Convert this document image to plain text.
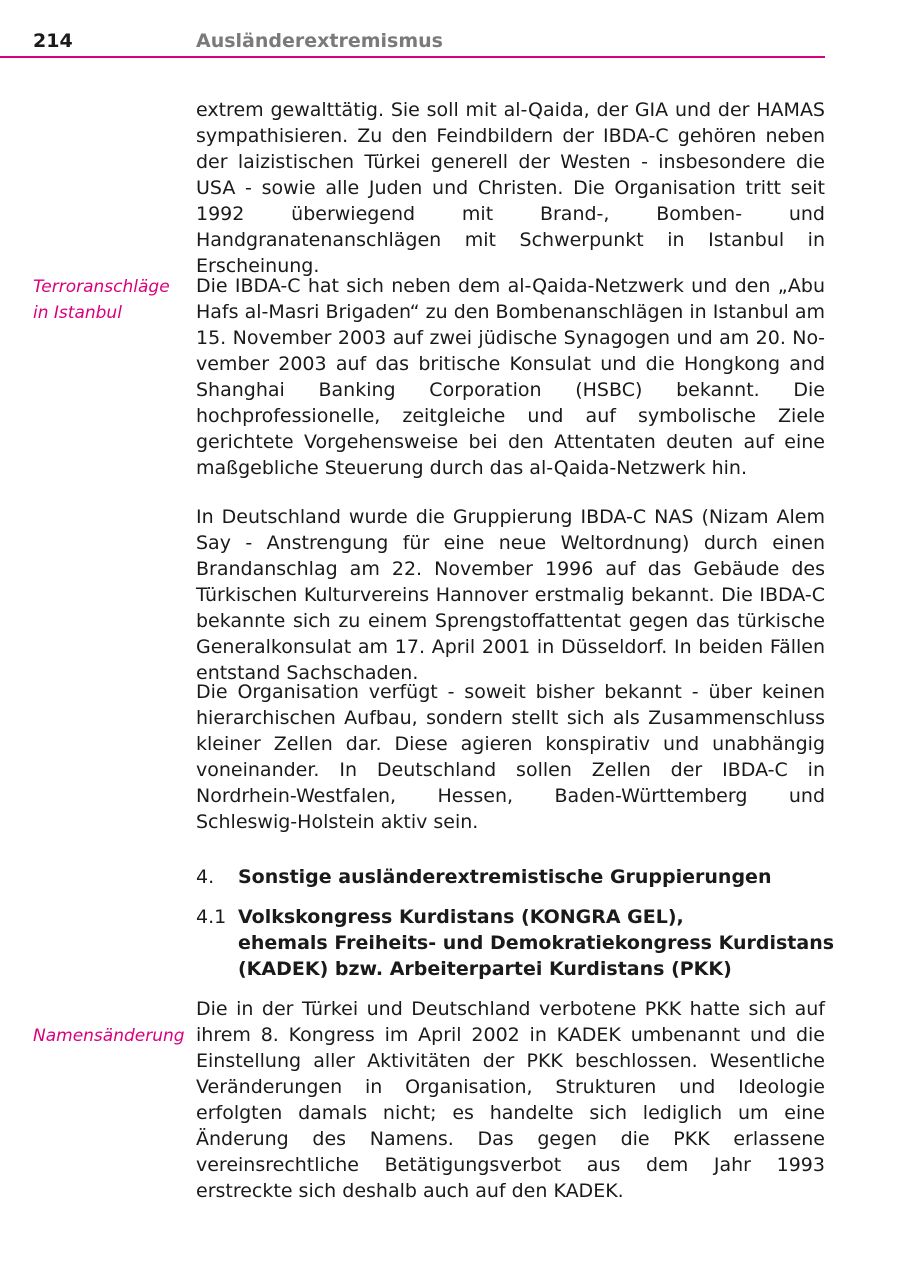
214	Ausländerextremismus

extrem gewalttätig. Sie soll mit al-Qaida, der GIA und der HAMAS sympathisieren. Zu den Feindbildern der IBDA-C gehören neben der laizistischen Türkei generell der Westen - insbesondere die USA - sowie alle Juden und Christen. Die Organisation tritt seit 1992 überwiegend mit Brand-, Bomben- und Handgranatenanschlägen mit Schwerpunkt in Istanbul in Erscheinung.

Terroranschläge
in Istanbul

Die IBDA-C hat sich neben dem al-Qaida-Netzwerk und den „Abu Hafs al-Masri Brigaden“ zu den Bombenanschlägen in Istanbul am 15. November 2003 auf zwei jüdische Synagogen und am 20. November 2003 auf das britische Konsulat und die Hongkong and Shanghai Banking Corporation (HSBC) bekannt. Die hochprofessionelle, zeitgleiche und auf symbolische Ziele gerichtete Vorgehensweise bei den Attentaten deuten auf eine maßgebliche Steuerung durch das al-Qaida-Netzwerk hin.

In Deutschland wurde die Gruppierung IBDA-C NAS (Nizam Alem Say - Anstrengung für eine neue Weltordnung) durch einen Brandanschlag am 22. November 1996 auf das Gebäude des Türkischen Kulturvereins Hannover erstmalig bekannt. Die IBDA-C bekannte sich zu einem Sprengstoffattentat gegen das türkische Generalkonsulat am 17. April 2001 in Düsseldorf. In beiden Fällen entstand Sachschaden.

Die Organisation verfügt - soweit bisher bekannt - über keinen hierarchischen Aufbau, sondern stellt sich als Zusammenschluss kleiner Zellen dar. Diese agieren konspirativ und unabhängig voneinander. In Deutschland sollen Zellen der IBDA-C in Nordrhein-Westfalen, Hessen, Baden-Württemberg und Schleswig-Holstein aktiv sein.

4. Sonstige ausländerextremistische Gruppierungen
4.1 Volkskongress Kurdistans (KONGRA GEL),
ehemals Freiheits- und Demokratiekongress Kurdistans
(KADEK) bzw. Arbeiterpartei Kurdistans (PKK)
Namensänderung

Die in der Türkei und Deutschland verbotene PKK hatte sich auf ihrem 8. Kongress im April 2002 in KADEK umbenannt und die Einstellung aller Aktivitäten der PKK beschlossen. Wesentliche Veränderungen in Organisation, Strukturen und Ideologie erfolgten damals nicht; es handelte sich lediglich um eine Änderung des Namens. Das gegen die PKK erlassene vereinsrechtliche Betätigungsverbot aus dem Jahr 1993 erstreckte sich deshalb auch auf den KADEK.
